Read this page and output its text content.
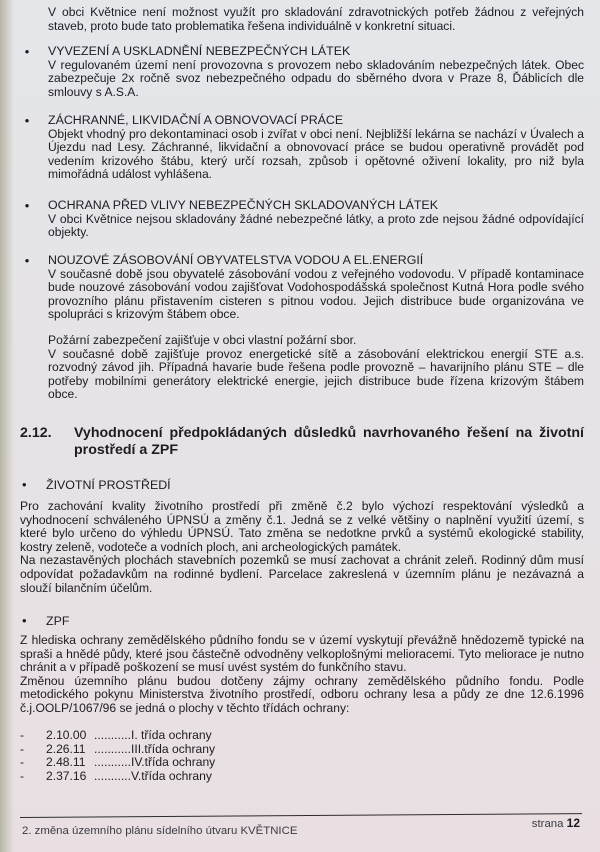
V obci Květnice není možnost využít pro skladování zdravotnických potřeb žádnou z veřejných staveb, proto bude tato problematika řešena individuálně v konkretní situaci.
• VYVEZENÍ A USKLADNĚNÍ NEBEZPEČNÝCH LÁTEK
V regulovaném území není provozovna s provozem nebo skladováním nebezpečných látek. Obec zabezpečuje 2x ročně svoz nebezpečného odpadu do sběrného dvora v Praze 8, Ďáblicích dle smlouvy s A.S.A.
• ZÁCHRANNÉ, LIKVIDAČNÍ A OBNOVOVACÍ PRÁCE
Objekt vhodný pro dekontaminaci osob i zvířat v obci není. Nejbližší lekárna se nachází v Úvalech a Újezdu nad Lesy. Záchranné, likvidační a obnovovací práce se budou operativně provádět pod vedením krizového štábu, který určí rozsah, způsob i opětovné oživení lokality, pro niž byla mimořádná událost vyhlášena.
• OCHRANA PŘED VLIVY NEBEZPEČNÝCH SKLADOVANÝCH LÁTEK
V obci Květnice nejsou skladovány žádné nebezpečné látky, a proto zde nejsou žádné odpovídající objekty.
• NOUZOVÉ ZÁSOBOVÁNÍ OBYVATELSTVA VODOU A EL.ENERGIÍ
V současné době jsou obyvatelé zásobování vodou z veřejného vodovodu. V případě kontaminace bude nouzové zásobování vodou zajišťovat Vodohospodášská společnost Kutná Hora podle svého provozního plánu přistavením cisteren s pitnou vodou. Jejich distribuce bude organizována ve spolupráci s krizovým štábem obce.
Požární zabezpečení zajišťuje v obci vlastní požární sbor.
V současné době zajišťuje provoz energetické sítě a zásobování elektrickou energií STE a.s. rozvodný závod jih. Případná havarie bude řešena podle provozně – havarijního plánu STE – dle potřeby mobilními generátory elektrické energie, jejich distribuce bude řízena krizovým štábem obce.
2.12. Vyhodnocení předpokládaných důsledků navrhovaného řešení na životní prostředí a ZPF
• ŽIVOTNÍ PROSTŘEDÍ
Pro zachování kvality životního prostředí při změně č.2 bylo výchozí respektování výsledků a vyhodnocení schváleného ÚPNSÚ a změny č.1. Jedná se z velké většiny o naplnění využití území, s které bylo určeno do výhledu ÚPNSÚ. Tato změna se nedotkne prvků a systémů ekologické stability, kostry zeleně, vodoteče a vodních ploch, ani archeologických památek.
Na nezastavěných plochách stavebních pozemků se musí zachovat a chránit zeleň. Rodinný dům musí odpovídat požadavkům na rodinné bydlení. Parcelace zakreslená v územním plánu je nezávazná a slouží bilančním účelům.
• ZPF
Z hlediska ochrany zemědělského půdního fondu se v území vyskytují převážně hnědozemě typické na spraši a hnědé půdy, které jsou částečně odvodněny velkoplošnými melioracemi. Tyto meliorace je nutno chránit a v případě poškození se musí uvést systém do funkčního stavu.
Změnou územního plánu budou dotčeny zájmy ochrany zemědělského půdního fondu. Podle metodického pokynu Ministerstva životního prostředí, odboru ochrany lesa a půdy ze dne 12.6.1996 č.j.OOLP/1067/96 se jedná o plochy v těchto třídách ochrany:
-	2.10.00 ........... I. třída ochrany
-	2.26.11 ........... III.třída ochrany
-	2.48.11 ........... IV.třída ochrany
-	2.37.16 ........... V.třída ochrany
2. změna územního plánu sídelního útvaru KVĚTNICE
strana 12
